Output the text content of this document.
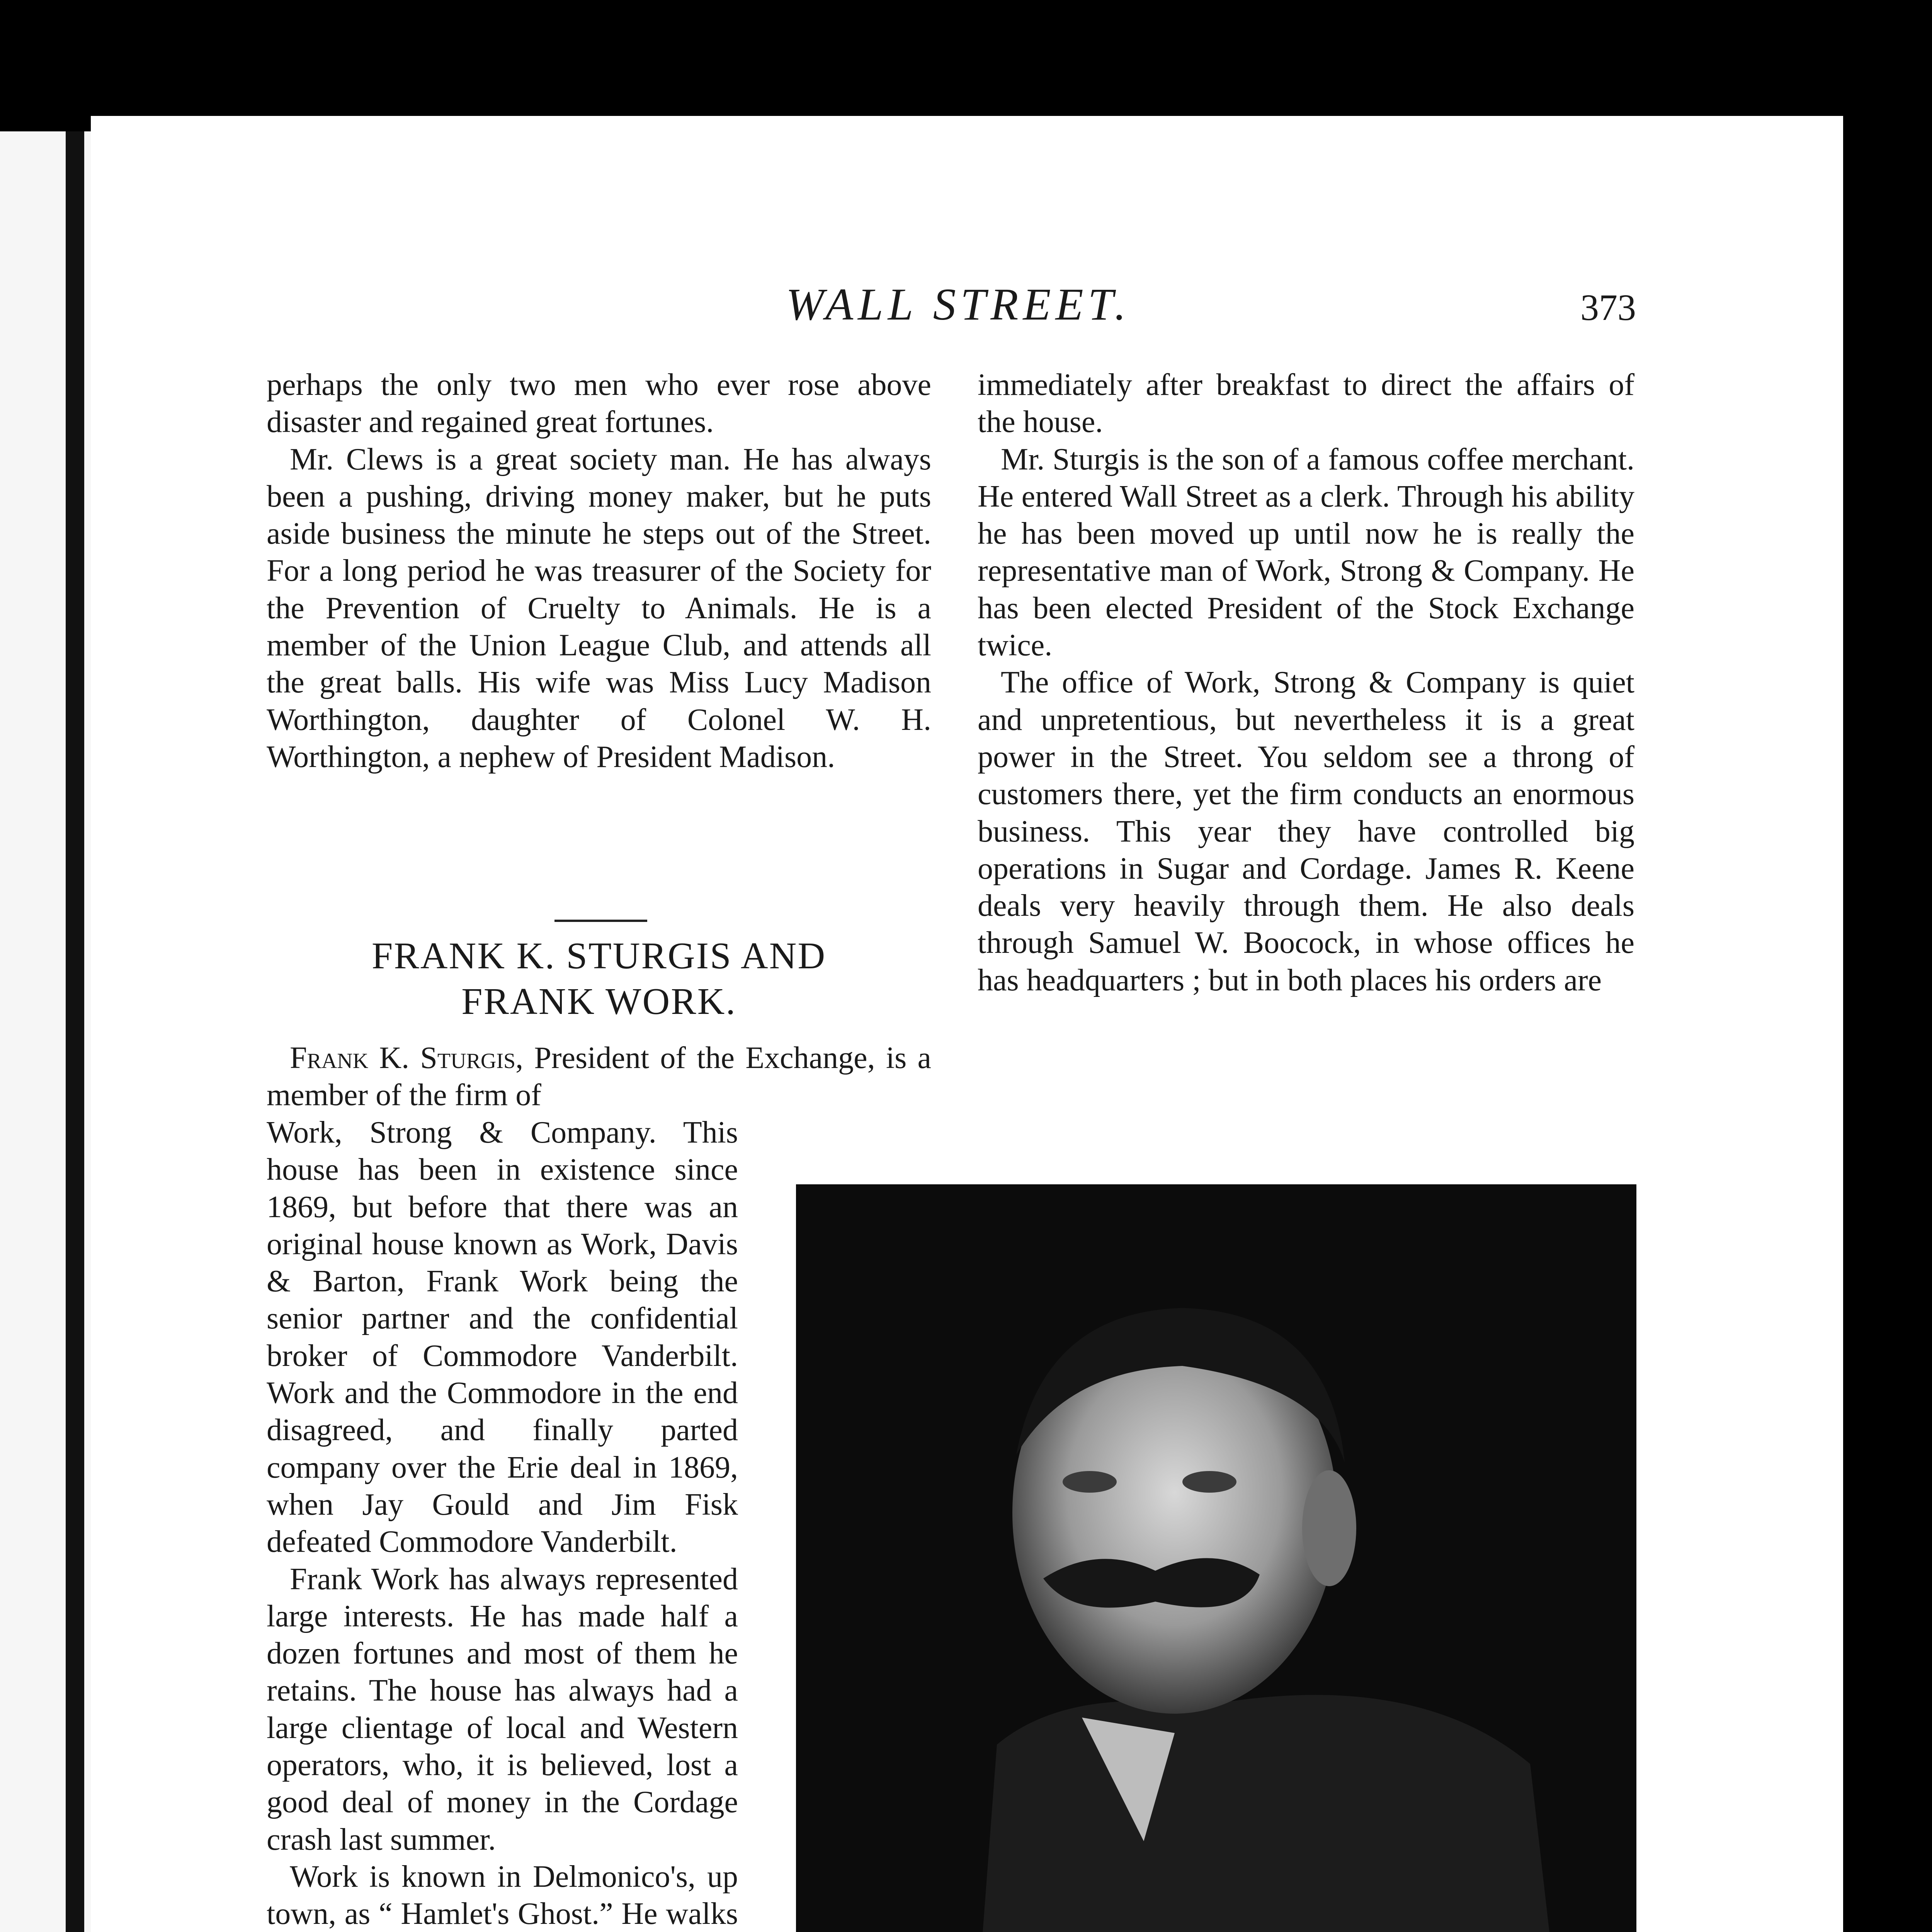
WALL STREET.	373

perhaps the only two men who ever rose above disaster and regained great fortunes.

Mr. Clews is a great society man. He has always been a pushing, driving money maker, but he puts aside business the minute he steps out of the Street. For a long period he was treasurer of the Society for the Prevention of Cruelty to Animals. He is a member of the Union League Club, and attends all the great balls. His wife was Miss Lucy Madison Worthington, daughter of Colonel W. H. Worthington, a nephew of President Madison.

FRANK K. STURGIS AND
FRANK WORK.

Frank K. Sturgis, President of the Exchange, is a member of the firm of

Work, Strong & Company. This house has been in existence since 1869, but before that there was an original house known as Work, Davis & Barton, Frank Work being the senior partner and the confidential broker of Commodore Vanderbilt. Work and the Commodore in the end disagreed, and finally parted company over the Erie deal in 1869, when Jay Gould and Jim Fisk defeated Commodore Vanderbilt.

Frank Work has always represented large interests. He has made half a dozen fortunes and most of them he retains. The house has always had a large clientage of local and Western operators, who, it is believed, lost a good deal of money in the Cordage crash last summer.

Work is known in Delmonico's, up town, as “ Hamlet's Ghost.” He walks

immediately after breakfast to direct the affairs of the house.

Mr. Sturgis is the son of a famous coffee merchant. He entered Wall Street as a clerk. Through his ability he has been moved up until now he is really the representative man of Work, Strong & Company. He has been elected President of the Stock Exchange twice.

The office of Work, Strong & Company is quiet and unpretentious, but nevertheless it is a great power in the Street. You seldom see a throng of customers there, yet the firm conducts an enormous business. This year they have controlled big operations in Sugar and Cordage. James R. Keene deals very heavily through them. He also deals through Samuel W. Boocock, in whose offices he has headquarters ; but in both places his orders are
